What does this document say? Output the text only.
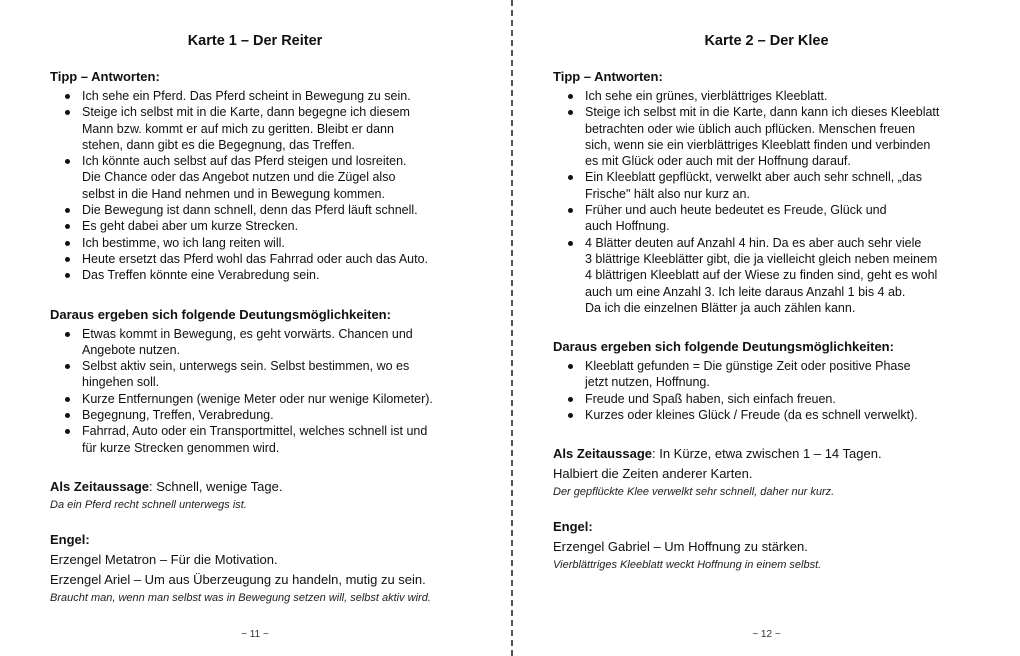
Karte 1 – Der Reiter
Tipp – Antworten:
Ich sehe ein Pferd. Das Pferd scheint in Bewegung zu sein.
Steige ich selbst mit in die Karte, dann begegne ich diesem
Mann bzw. kommt er auf mich zu geritten. Bleibt er dann
stehen, dann gibt es die Begegnung, das Treffen.
Ich könnte auch selbst auf das Pferd steigen und losreiten.
Die Chance oder das Angebot nutzen und die Zügel also
selbst in die Hand nehmen und in Bewegung kommen.
Die Bewegung ist dann schnell, denn das Pferd läuft schnell.
Es geht dabei aber um kurze Strecken.
Ich bestimme, wo ich lang reiten will.
Heute ersetzt das Pferd wohl das Fahrrad oder auch das Auto.
Das Treffen könnte eine Verabredung sein.
Daraus ergeben sich folgende Deutungsmöglichkeiten:
Etwas kommt in Bewegung, es geht vorwärts. Chancen und
Angebote nutzen.
Selbst aktiv sein, unterwegs sein. Selbst bestimmen, wo es
hingehen soll.
Kurze Entfernungen (wenige Meter oder nur wenige Kilometer).
Begegnung, Treffen, Verabredung.
Fahrrad, Auto oder ein Transportmittel, welches schnell ist und
für kurze Strecken genommen wird.
Als Zeitaussage: Schnell, wenige Tage.
Da ein Pferd recht schnell unterwegs ist.
Engel:
Erzengel Metatron – Für die Motivation.
Erzengel Ariel – Um aus Überzeugung zu handeln, mutig zu sein.
Braucht man, wenn man selbst was in Bewegung setzen will, selbst aktiv wird.
~ 11 ~
Karte 2 – Der Klee
Tipp – Antworten:
Ich sehe ein grünes, vierblättriges Kleeblatt.
Steige ich selbst mit in die Karte, dann kann ich dieses Kleeblatt
betrachten oder wie üblich auch pflücken. Menschen freuen
sich, wenn sie ein vierblättriges Kleeblatt finden und verbinden
es mit Glück oder auch mit der Hoffnung darauf.
Ein Kleeblatt gepflückt, verwelkt aber auch sehr schnell, „das
Frische" hält also nur kurz an.
Früher und auch heute bedeutet es Freude, Glück und
auch Hoffnung.
4 Blätter deuten auf Anzahl 4 hin. Da es aber auch sehr viele
3 blättrige Kleeblätter gibt, die ja vielleicht gleich neben meinem
4 blättrigen Kleeblatt auf der Wiese zu finden sind, geht es wohl
auch um eine Anzahl 3. Ich leite daraus Anzahl 1 bis 4 ab.
Da ich die einzelnen Blätter ja auch zählen kann.
Daraus ergeben sich folgende Deutungsmöglichkeiten:
Kleeblatt gefunden = Die günstige Zeit oder positive Phase
jetzt nutzen, Hoffnung.
Freude und Spaß haben, sich einfach freuen.
Kurzes oder kleines Glück / Freude (da es schnell verwelkt).
Als Zeitaussage: In Kürze, etwa zwischen 1 – 14 Tagen.
Halbiert die Zeiten anderer Karten.
Der gepflückte Klee verwelkt sehr schnell, daher nur kurz.
Engel:
Erzengel Gabriel – Um Hoffnung zu stärken.
Vierblättriges Kleeblatt weckt Hoffnung in einem selbst.
~ 12 ~
